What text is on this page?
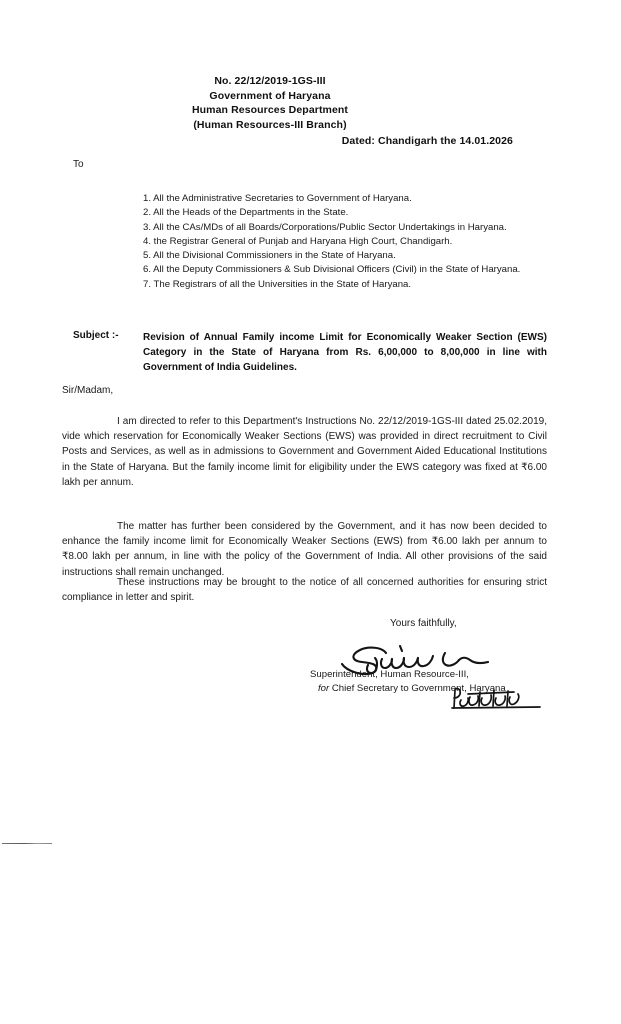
No. 22/12/2019-1GS-III
Government of Haryana
Human Resources Department
(Human Resources-III Branch)
Dated: Chandigarh the 14.01.2026
To
1. All the Administrative Secretaries to Government of Haryana.
2. All the Heads of the Departments in the State.
3. All the CAs/MDs of all Boards/Corporations/Public Sector Undertakings in Haryana.
4. the Registrar General of Punjab and Haryana High Court, Chandigarh.
5. All the Divisional Commissioners in the State of Haryana.
6. All the Deputy Commissioners & Sub Divisional Officers (Civil) in the State of Haryana.
7. The Registrars of all the Universities in the State of Haryana.
Subject :- Revision of Annual Family income Limit for Economically Weaker Section (EWS) Category in the State of Haryana from Rs. 6,00,000 to 8,00,000 in line with Government of India Guidelines.
Sir/Madam,
I am directed to refer to this Department's Instructions No. 22/12/2019-1GS-III dated 25.02.2019, vide which reservation for Economically Weaker Sections (EWS) was provided in direct recruitment to Civil Posts and Services, as well as in admissions to Government and Government Aided Educational Institutions in the State of Haryana. But the family income limit for eligibility under the EWS category was fixed at ₹6.00 lakh per annum.
The matter has further been considered by the Government, and it has now been decided to enhance the family income limit for Economically Weaker Sections (EWS) from ₹6.00 lakh per annum to ₹8.00 lakh per annum, in line with the policy of the Government of India. All other provisions of the said instructions shall remain unchanged.
These instructions may be brought to the notice of all concerned authorities for ensuring strict compliance in letter and spirit.
Yours faithfully,
Superintendent, Human Resource-III,
for Chief Secretary to Government, Haryana
